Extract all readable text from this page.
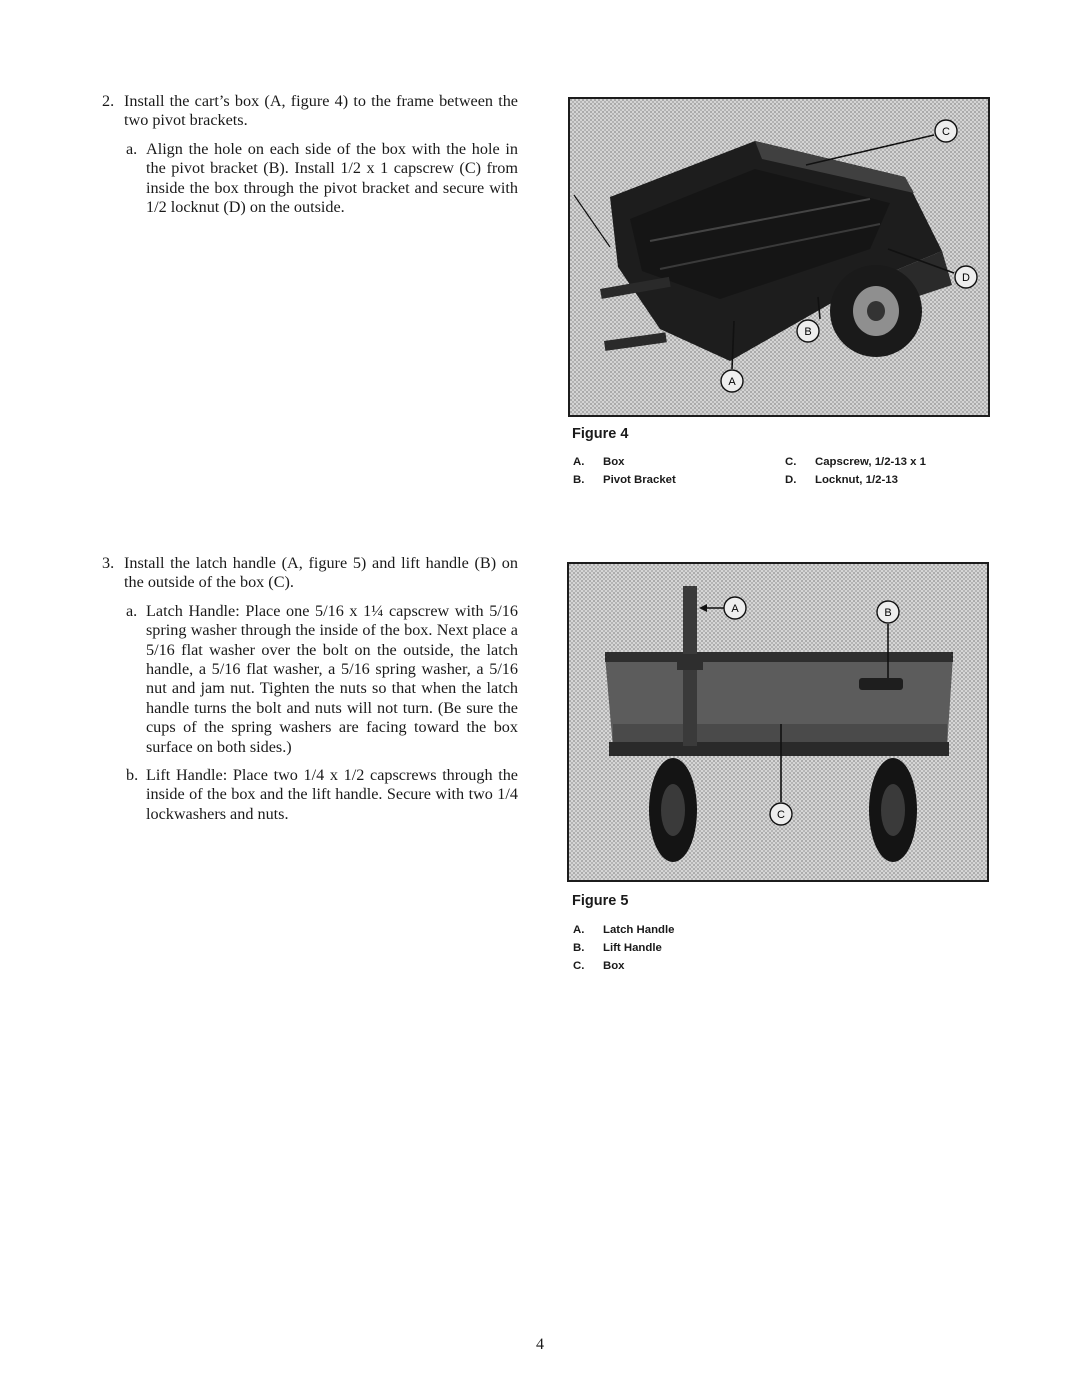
2. Install the cart’s box (A, figure 4) to the frame between the two pivot brackets.
a. Align the hole on each side of the box with the hole in the pivot bracket (B). Install 1/2 x 1 capscrew (C) from inside the box through the pivot bracket and secure with 1/2 locknut (D) on the outside.
3. Install the latch handle (A, figure 5) and lift handle (B) on the outside of the box (C).
a. Latch Handle: Place one 5/16 x 1¼ capscrew with 5/16 spring washer through the inside of the box. Next place a 5/16 flat washer over the bolt on the outside, the latch handle, a 5/16 flat washer, a 5/16 spring washer, a 5/16 nut and jam nut. Tighten the nuts so that when the latch handle turns the bolt and nuts will not turn. (Be sure the cups of the spring washers are facing toward the box surface on both sides.)
b. Lift Handle: Place two 1/4 x 1/2 capscrews through the inside of the box and the lift handle. Secure with two 1/4 lockwashers and nuts.
C
D
B
A
Figure 4
A. Box
B. Pivot Bracket
C. Capscrew, 1/2-13 x 1
D. Locknut, 1/2-13
A	B
C
Figure 5
A. Latch Handle
B. Lift Handle
C. Box
4
